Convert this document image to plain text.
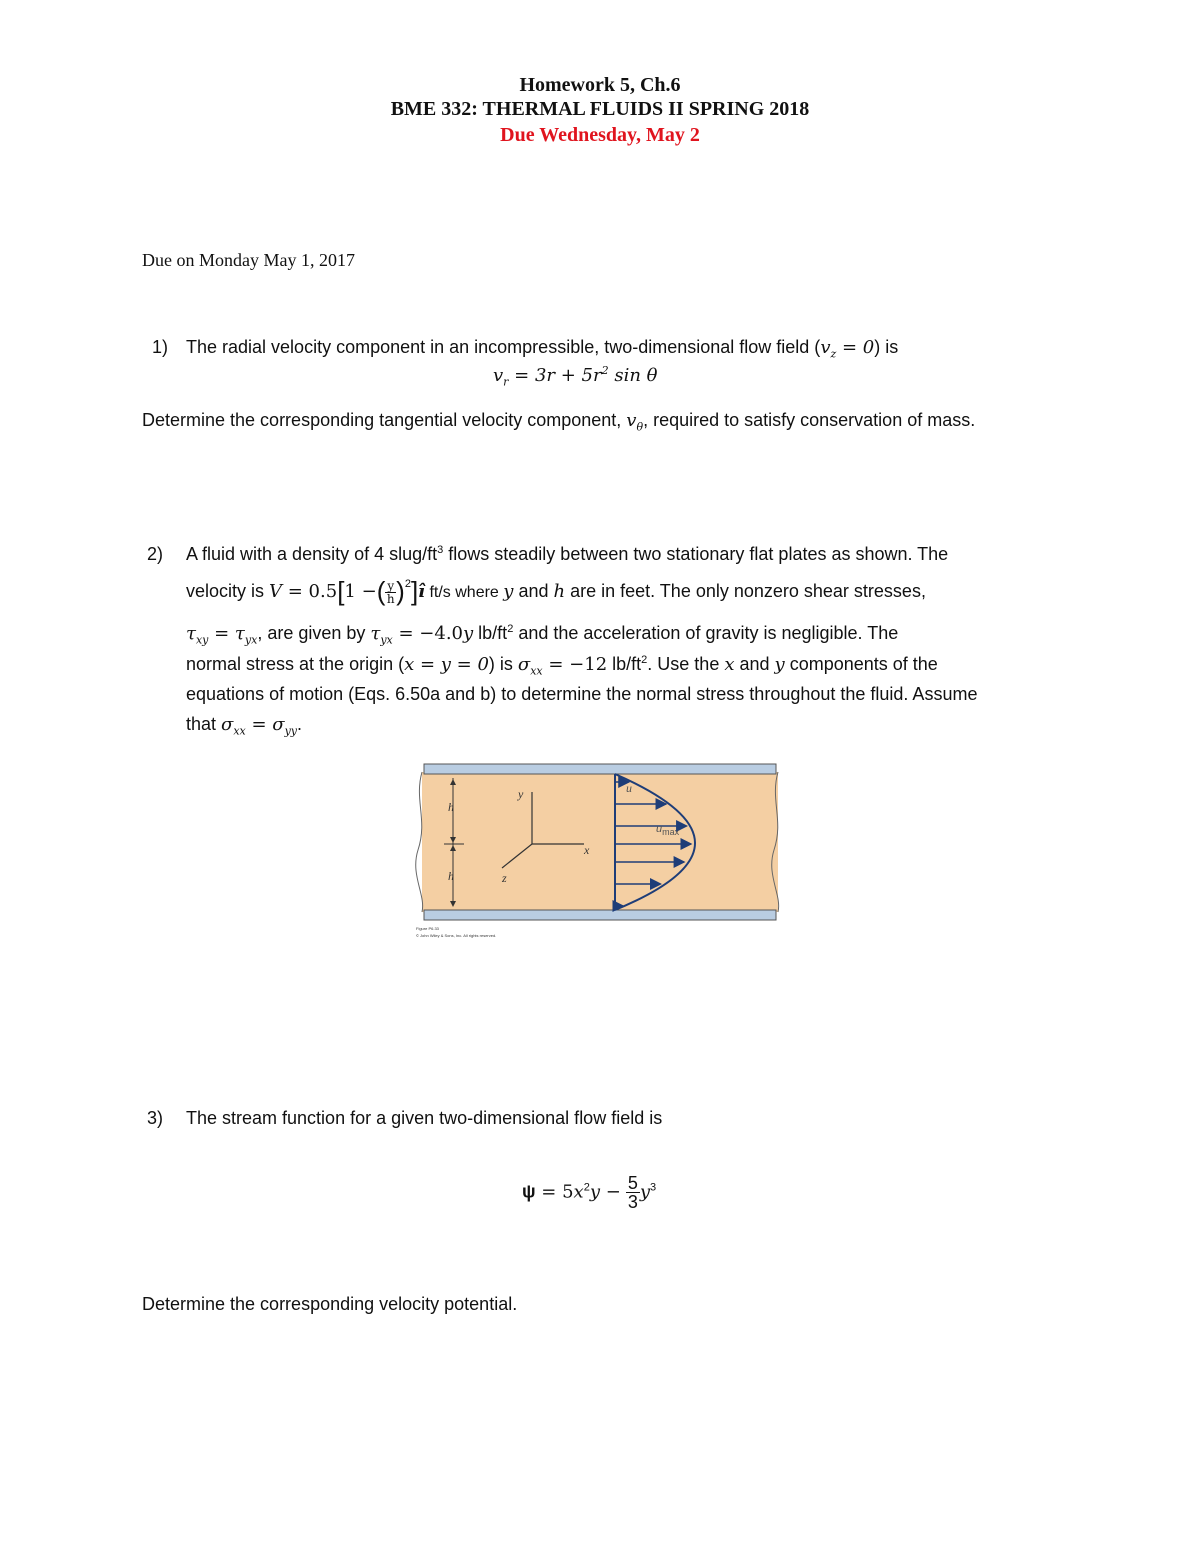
Homework 5, Ch.6
BME 332: THERMAL FLUIDS II SPRING 2018
Due Wednesday, May 2
Due on Monday May 1, 2017
1) The radial velocity component in an incompressible, two-dimensional flow field $(v_z = 0)$ is
$v_r = 3r + 5r^2$ sin θ
Determine the corresponding tangential velocity component, $v_\theta$, required to satisfy conservation of mass.
2) A fluid with a density of 4 slug/$ft^3$ flows steadily between two stationary flat plates as shown. The
velocity is V = 0.5[1 −( $\frac{y}{h}$ )$^2$]î ft/s where y and h are in feet. The only nonzero shear stresses,
$\tau_{xy} = \tau_{yx}$, are given by $\tau_{yx} = -4.0y$ $lb/ft^2$ and the acceleration of gravity is negligible. The
normal stress at the origin (x = y = 0) is $\sigma_{xx} = -12$ $lb/ft^2$. Use the x and y components of the
equations of motion (Eqs. 6.50a and b) to determine the normal stress throughout the fluid. Assume
that $\sigma_{xx} = \sigma_{yy}$.
h
h
y
x
z
u
$u_{max}$
Figure P6.33
© John Wiley & Sons, Inc. All rights reserved.
3) The stream function for a given two-dimensional flow field is
$\psi = 5x^2y - \frac{5}{3} y^3$
Determine the corresponding velocity potential.
